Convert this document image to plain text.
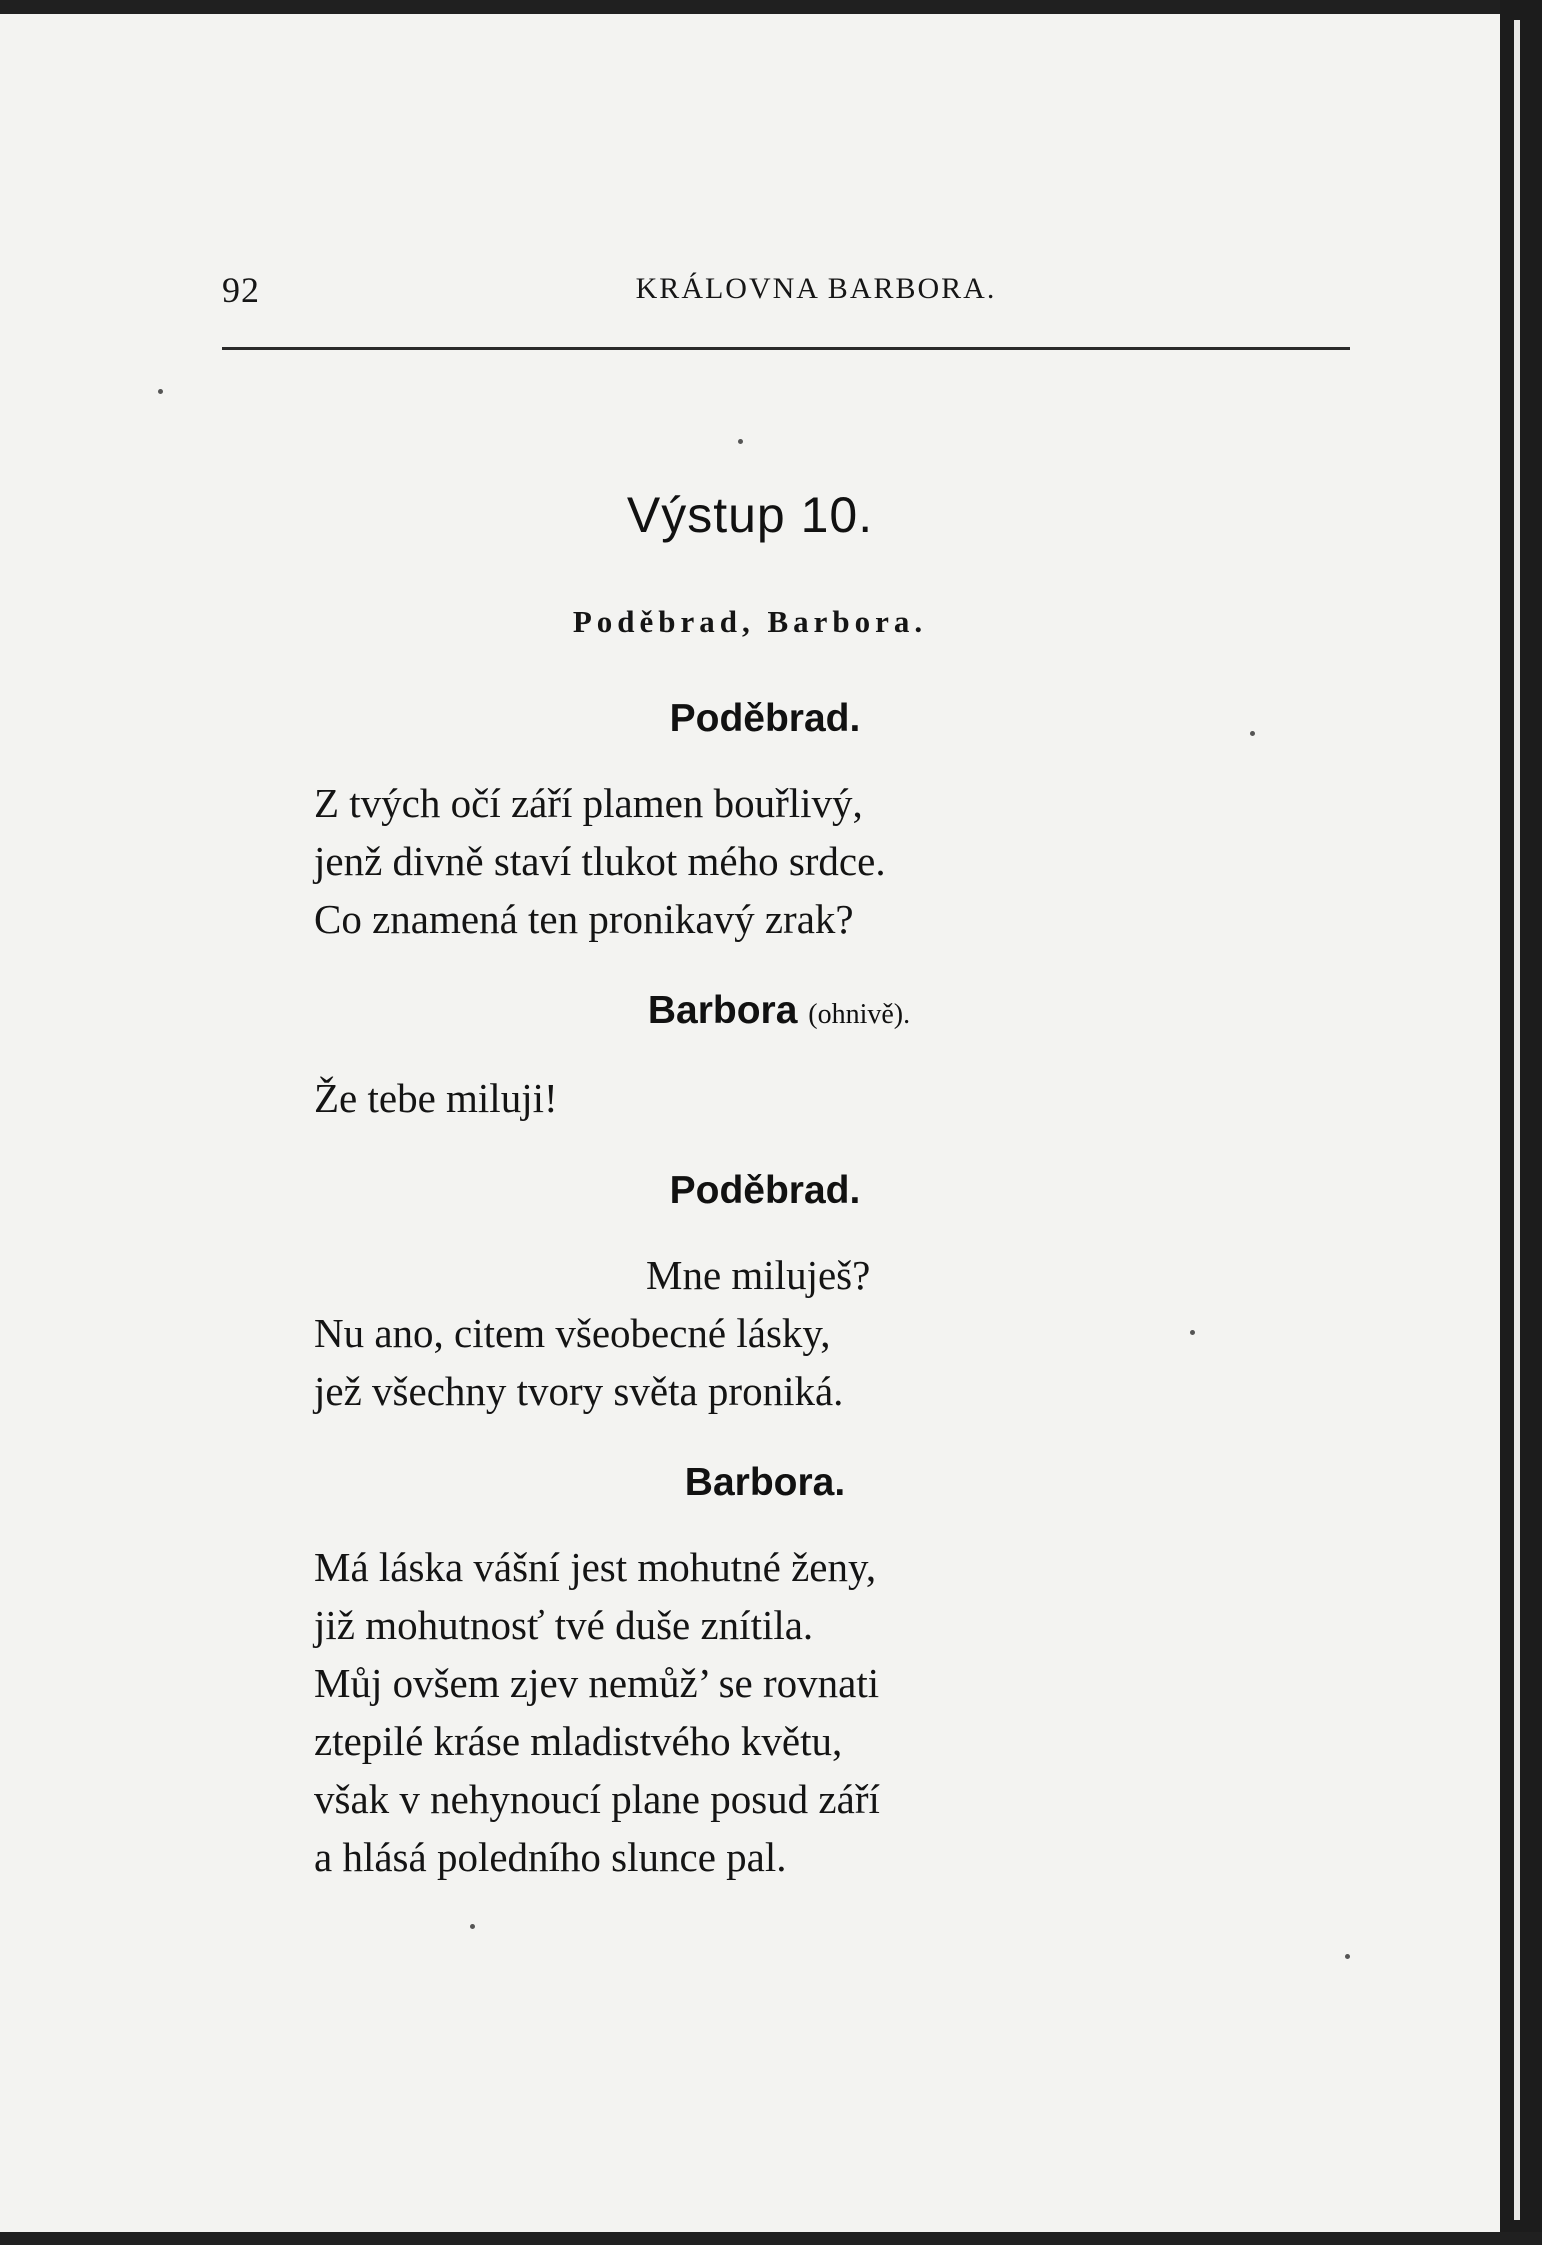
92	KRÁLOVNA BARBORA.
Výstup 10.
Poděbrad, Barbora.
Poděbrad.
Z tvých očí září plamen bouřlivý,
jenž divně staví tlukot mého srdce.
Co znamená ten pronikavý zrak?
Barbora (ohnivě).
Že tebe miluji!
Poděbrad.
Mne miluješ?
Nu ano, citem všeobecné lásky,
jež všechny tvory světa proniká.
Barbora.
Má láska vášní jest mohutné ženy,
již mohutnosť tvé duše znítila.
Můj ovšem zjev nemůž’ se rovnati
ztepilé kráse mladistvého květu,
však v nehynoucí plane posud září
a hlásá poledního slunce pal.
